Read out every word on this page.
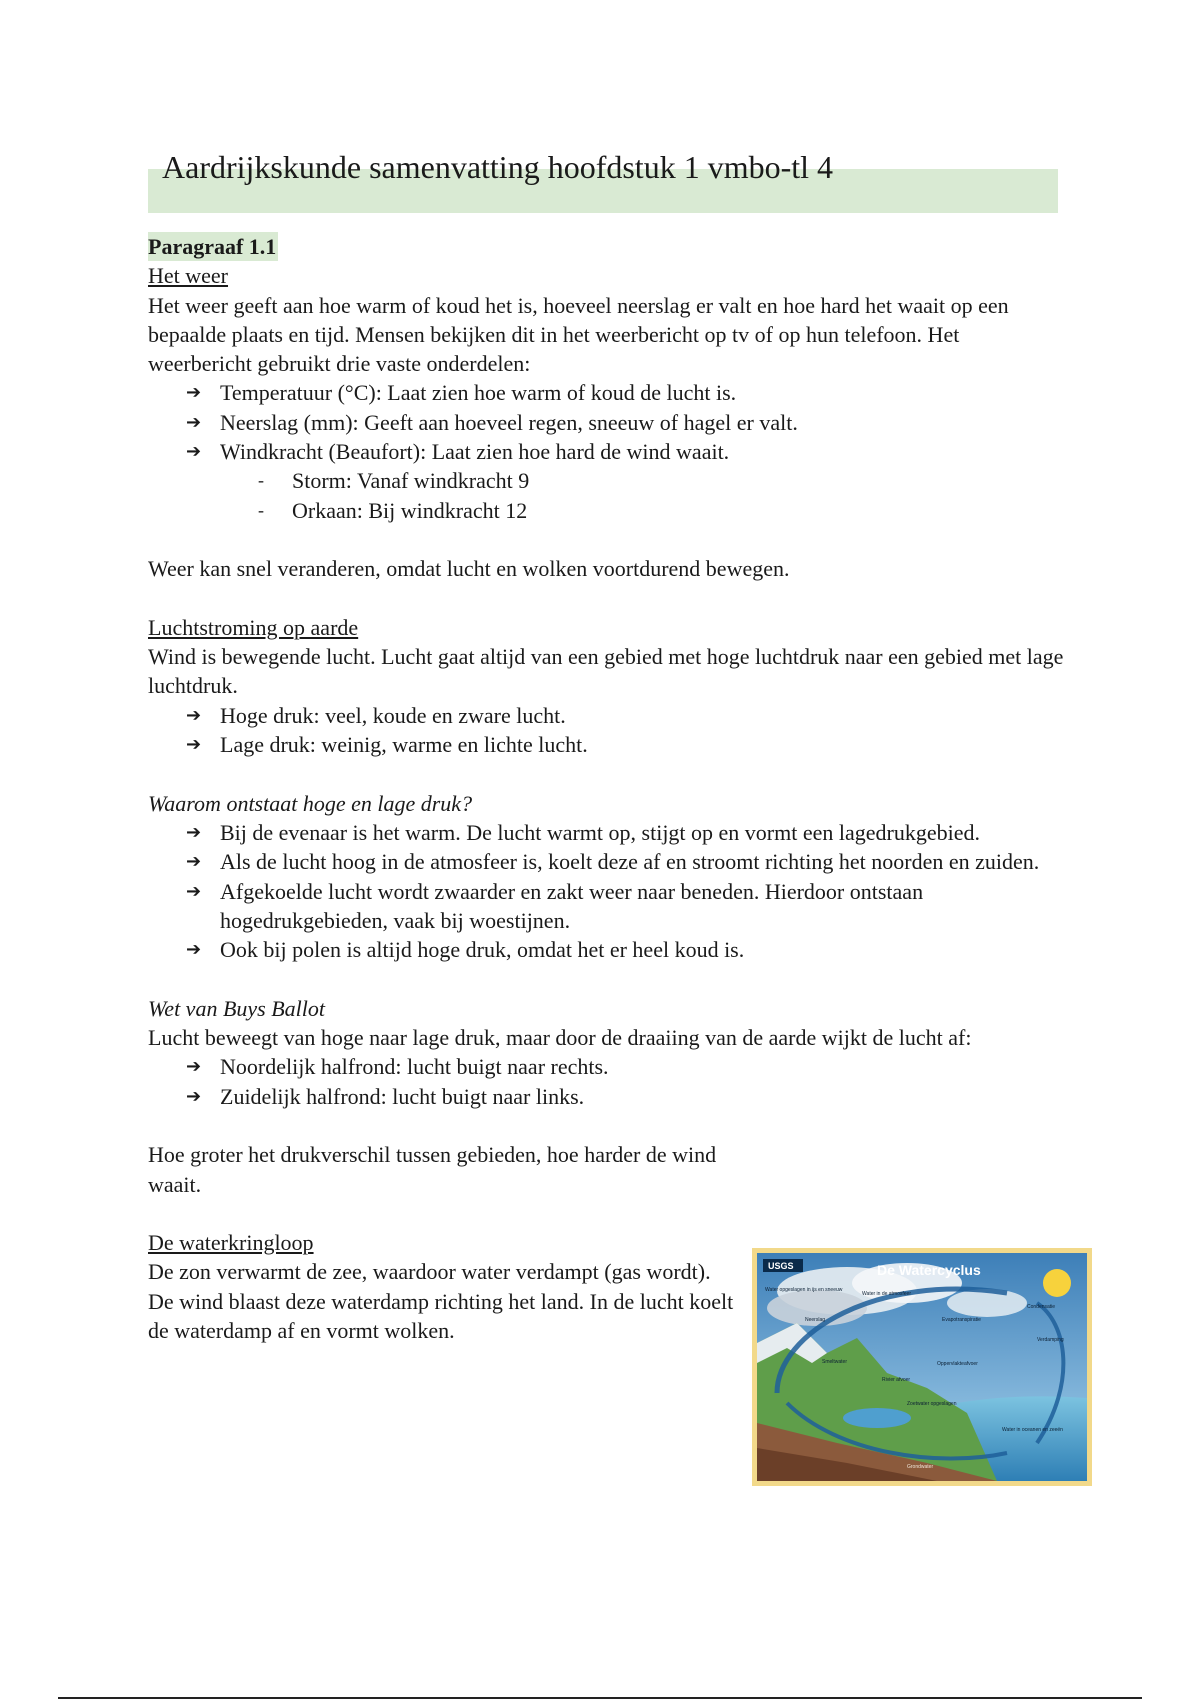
Aardrijkskunde samenvatting hoofdstuk 1 vmbo-tl 4

Paragraaf 1.1

Het weer

Het weer geeft aan hoe warm of koud het is, hoeveel neerslag er valt en hoe hard het waait op een bepaalde plaats en tijd. Mensen bekijken dit in het weerbericht op tv of op hun telefoon. Het weerbericht gebruikt drie vaste onderdelen:

➔ Temperatuur (°C): Laat zien hoe warm of koud de lucht is.
➔ Neerslag (mm): Geeft aan hoeveel regen, sneeuw of hagel er valt.
➔ Windkracht (Beaufort): Laat zien hoe hard de wind waait.
- Storm: Vanaf windkracht 9
- Orkaan: Bij windkracht 12

Weer kan snel veranderen, omdat lucht en wolken voortdurend bewegen.

Luchtstroming op aarde

Wind is bewegende lucht. Lucht gaat altijd van een gebied met hoge luchtdruk naar een gebied met lage luchtdruk.

➔ Hoge druk: veel, koude en zware lucht.
➔ Lage druk: weinig, warme en lichte lucht.

Waarom ontstaat hoge en lage druk?

➔ Bij de evenaar is het warm. De lucht warmt op, stijgt op en vormt een lagedrukgebied.
➔ Als de lucht hoog in de atmosfeer is, koelt deze af en stroomt richting het noorden en zuiden.
➔ Afgekoelde lucht wordt zwaarder en zakt weer naar beneden. Hierdoor ontstaan hogedrukgebieden, vaak bij woestijnen.
➔ Ook bij polen is altijd hoge druk, omdat het er heel koud is.

Wet van Buys Ballot

Lucht beweegt van hoge naar lage druk, maar door de draaiing van de aarde wijkt de lucht af:

➔ Noordelijk halfrond: lucht buigt naar rechts.
➔ Zuidelijk halfrond: lucht buigt naar links.

Hoe groter het drukverschil tussen gebieden, hoe harder de wind waait.

De waterkringloop

De zon verwarmt de zee, waardoor water verdampt (gas wordt). De wind blaast deze waterdamp richting het land. In de lucht koelt de waterdamp af en vormt wolken.

USGS	De Watercyclus
Water opgeslagen in ijs en sneeuw
Water in de atmosfeer
Condensatie
Neerslag	Evapotranspiratie
Verdamping
Smeltwater	Oppervlakteafvoer
Rivier afvoer
Zoetwater opgeslagen
Water in oceanen en zeeën
Grondwater
